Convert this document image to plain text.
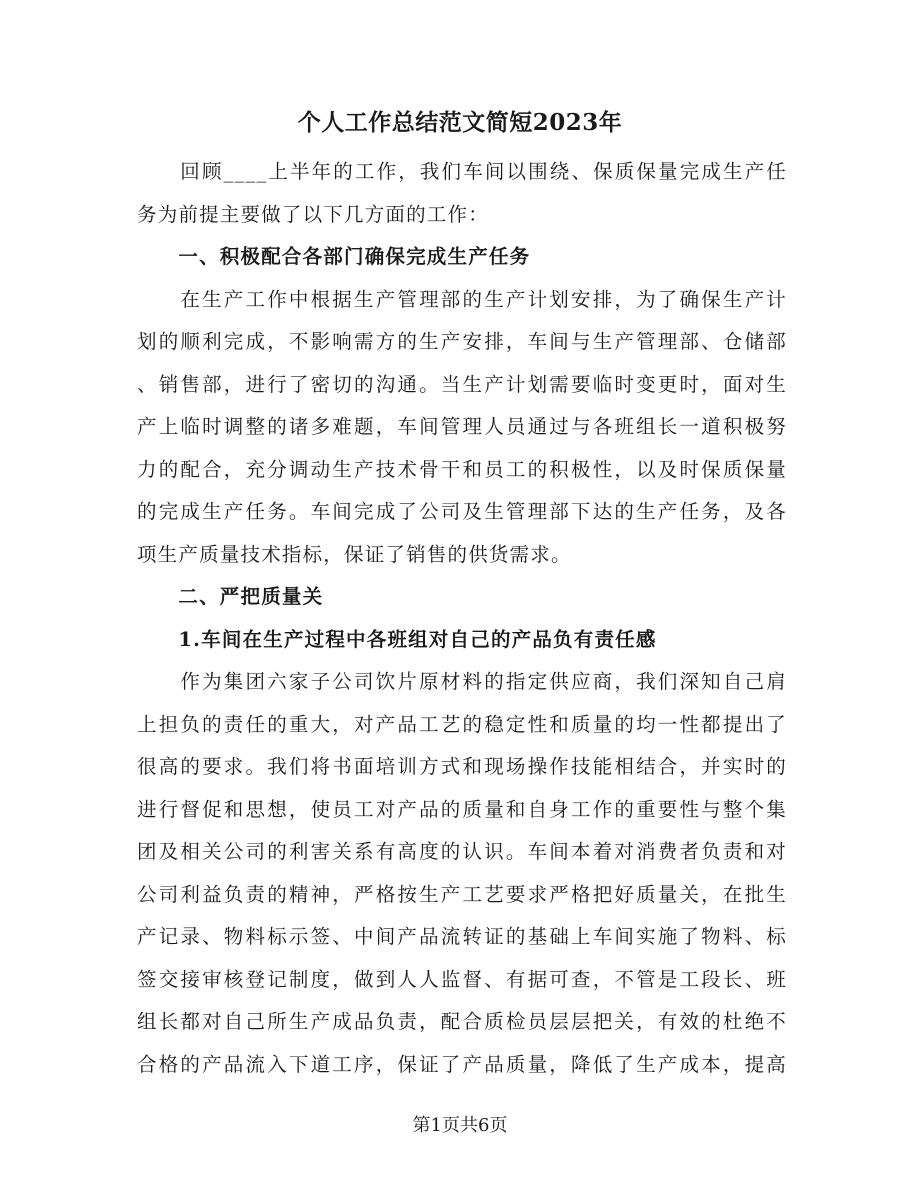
个人工作总结范文简短2023年
　　回顾____上半年的工作，我们车间以围绕、保质保量完成生产任
务为前提主要做了以下几方面的工作：
　　一、积极配合各部门确保完成生产任务
　　在生产工作中根据生产管理部的生产计划安排，为了确保生产计
划的顺利完成，不影响需方的生产安排，车间与生产管理部、仓储部
、销售部，进行了密切的沟通。当生产计划需要临时变更时，面对生
产上临时调整的诸多难题，车间管理人员通过与各班组长一道积极努
力的配合，充分调动生产技术骨干和员工的积极性，以及时保质保量
的完成生产任务。车间完成了公司及生管理部下达的生产任务，及各
项生产质量技术指标，保证了销售的供货需求。
　　二、严把质量关
　　1.车间在生产过程中各班组对自己的产品负有责任感
　　作为集团六家子公司饮片原材料的指定供应商，我们深知自己肩
上担负的责任的重大，对产品工艺的稳定性和质量的均一性都提出了
很高的要求。我们将书面培训方式和现场操作技能相结合，并实时的
进行督促和思想，使员工对产品的质量和自身工作的重要性与整个集
团及相关公司的利害关系有高度的认识。车间本着对消费者负责和对
公司利益负责的精神，严格按生产工艺要求严格把好质量关，在批生
产记录、物料标示签、中间产品流转证的基础上车间实施了物料、标
签交接审核登记制度，做到人人监督、有据可查，不管是工段长、班
组长都对自己所生产成品负责，配合质检员层层把关，有效的杜绝不
合格的产品流入下道工序，保证了产品质量，降低了生产成本，提高
第1页共6页
